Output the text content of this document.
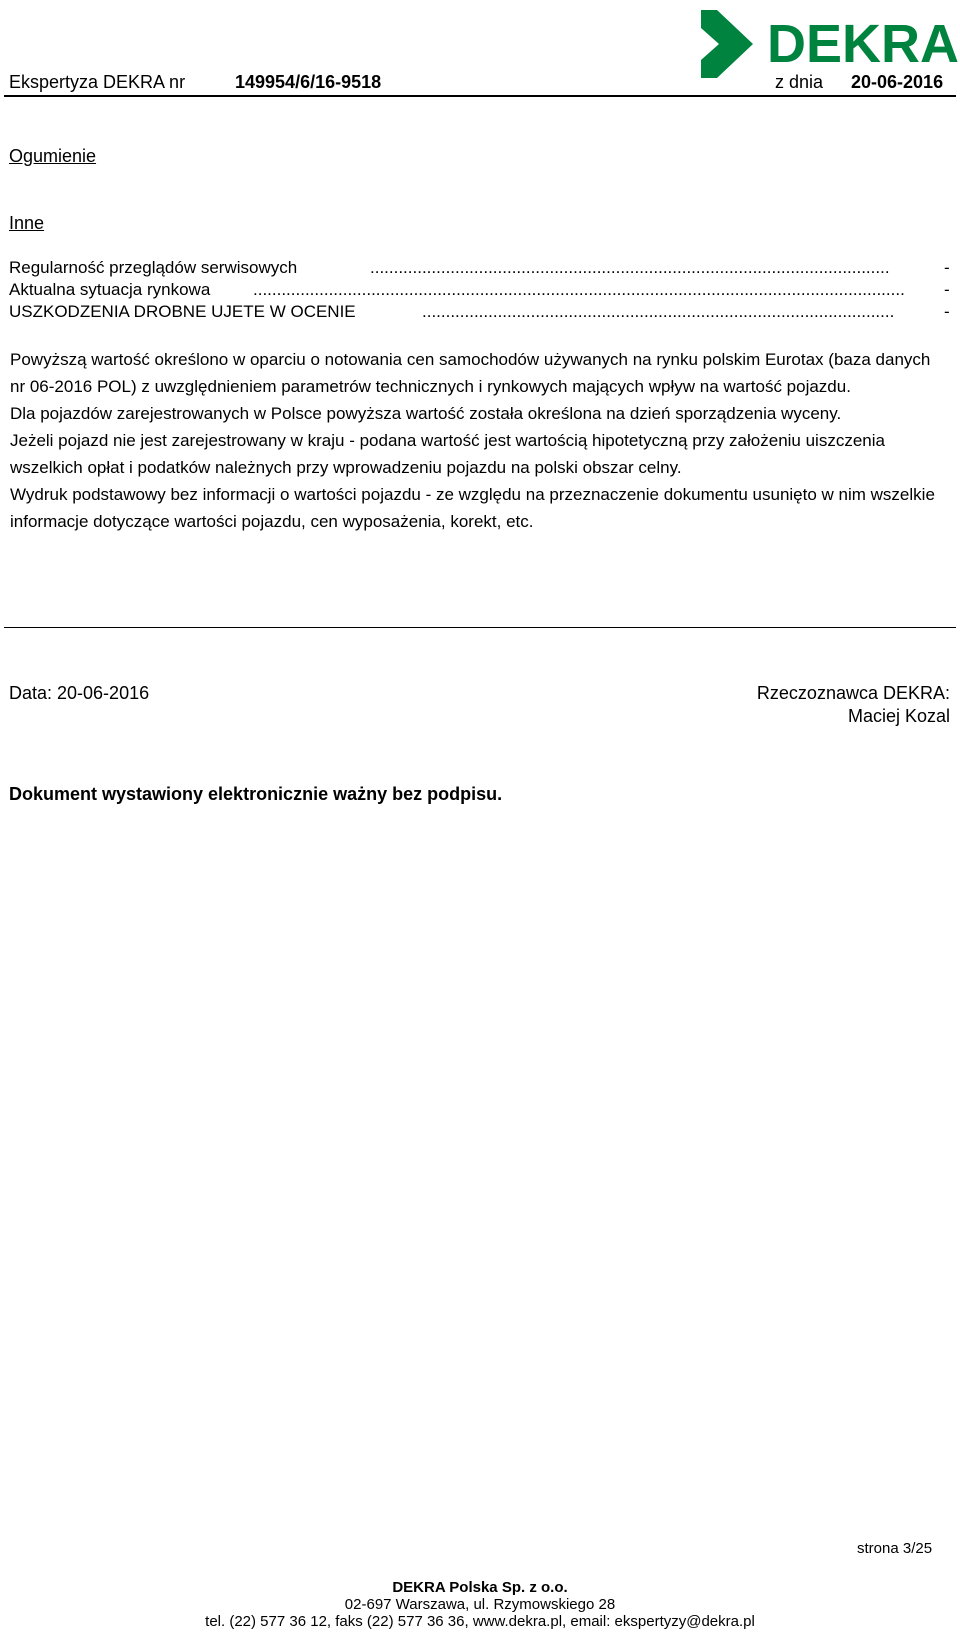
DEKRA
Ekspertyza DEKRA nr	149954/6/16-9518	z dnia 20-06-2016
Ogumienie
Inne
Regularność przeglądów serwisowych	..............................................................................................................	-
Aktualna sytuacja rynkowa	..........................................................................................................................................	-
USZKODZENIA DROBNE UJETE W OCENIE	....................................................................................................	-

Powyższą wartość określono w oparciu o notowania cen samochodów używanych na rynku polskim Eurotax (baza danych nr 06-2016 POL) z uwzględnieniem parametrów technicznych i rynkowych mających wpływ na wartość pojazdu.

Dla pojazdów zarejestrowanych w Polsce powyższa wartość została określona na dzień sporządzenia wyceny.

Jeżeli pojazd nie jest zarejestrowany w kraju - podana wartość jest wartością hipotetyczną przy założeniu uiszczenia wszelkich opłat i podatków należnych przy wprowadzeniu pojazdu na polski obszar celny.

Wydruk podstawowy bez informacji o wartości pojazdu - ze względu na przeznaczenie dokumentu usunięto w nim wszelkie informacje dotyczące wartości pojazdu, cen wyposażenia, korekt, etc.

Data: 20-06-2016	Rzeczoznawca DEKRA:
Maciej Kozal
Dokument wystawiony elektronicznie ważny bez podpisu.
strona 3/25
DEKRA Polska Sp. z o.o.
02-697 Warszawa, ul. Rzymowskiego 28
tel. (22) 577 36 12, faks (22) 577 36 36, www.dekra.pl, email: ekspertyzy@dekra.pl
